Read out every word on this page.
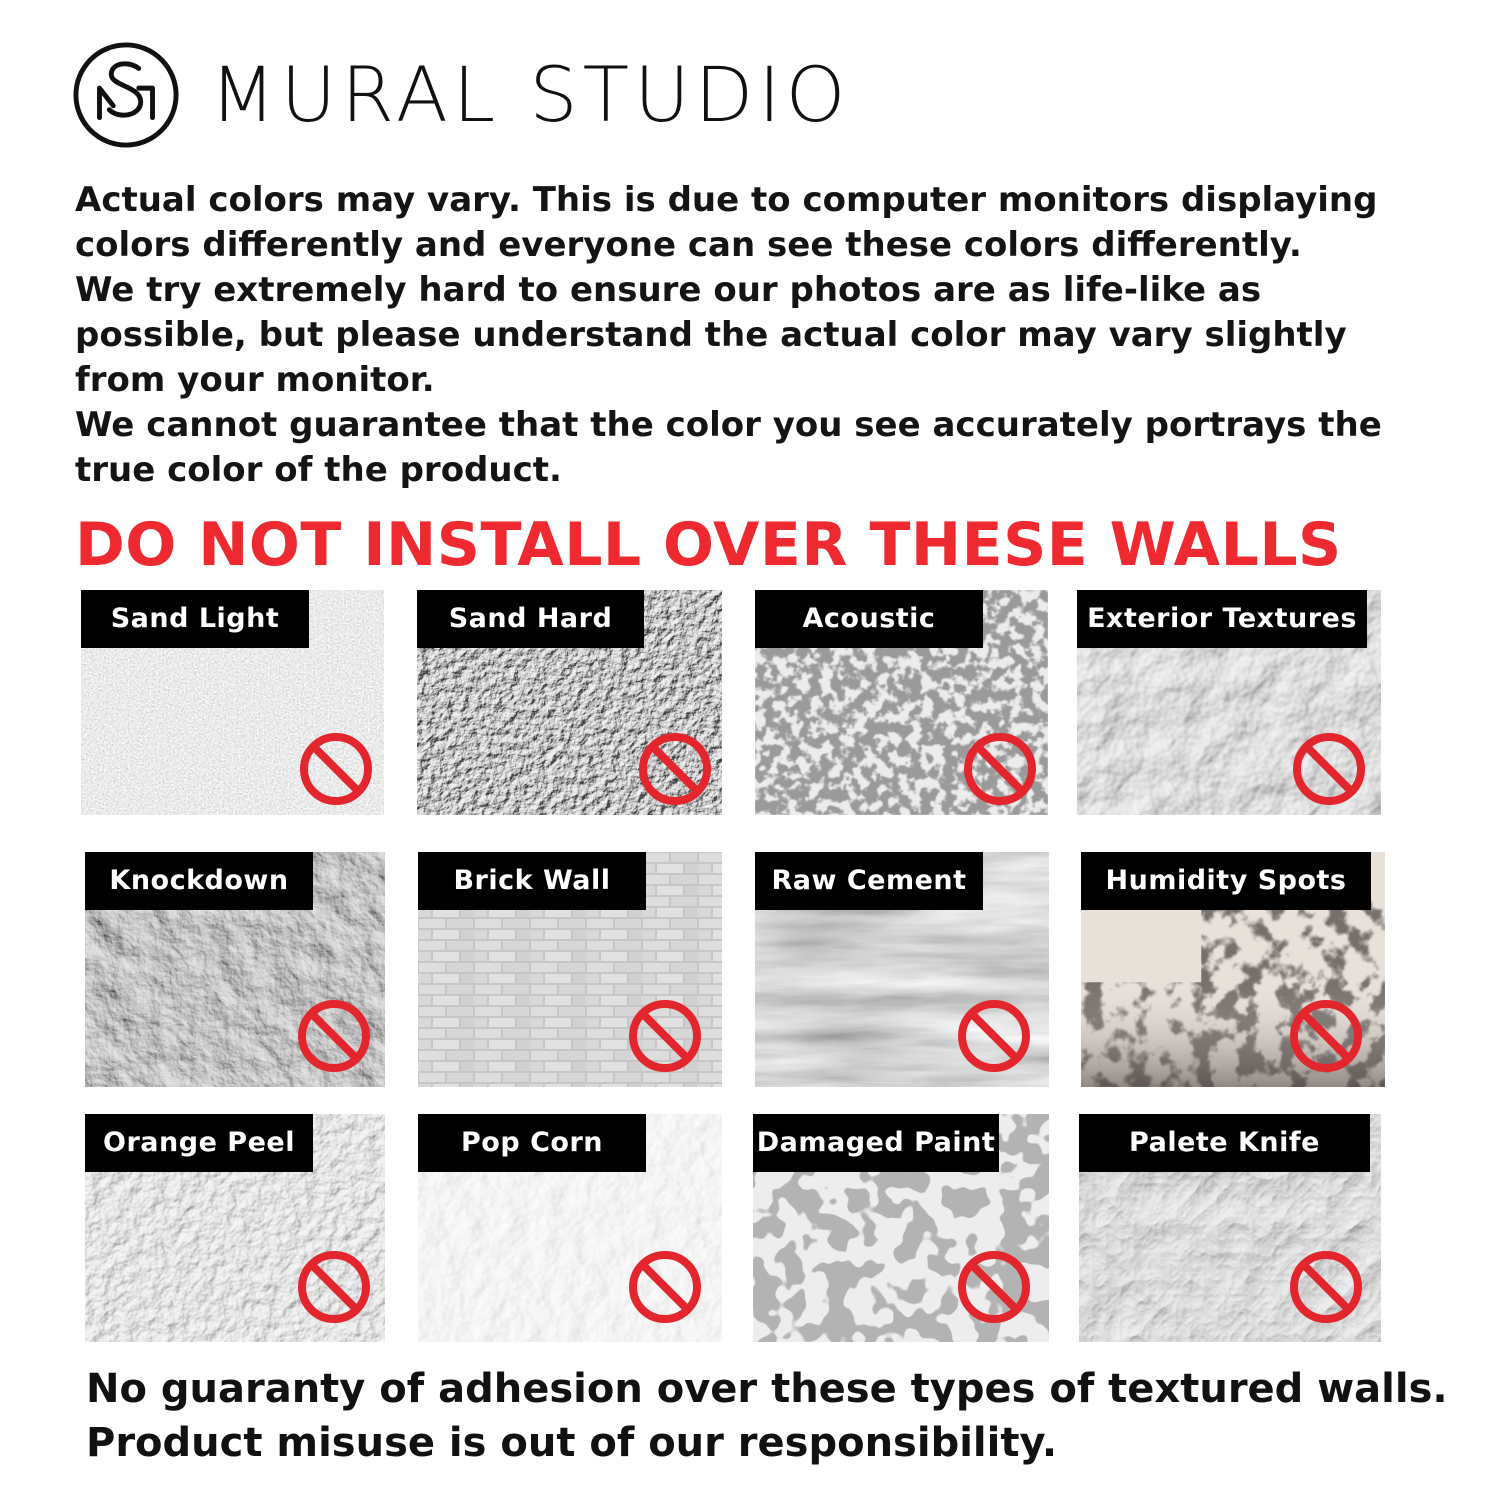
MURAL STUDIO

Actual colors may vary. This is due to computer monitors displaying

colors differently and everyone can see these colors differently.

We try extremely hard to ensure our photos are as life-like as

possible, but please understand the actual color may vary slightly

from your monitor.

We cannot guarantee that the color you see accurately portrays the

true color of the product.

DO NOT INSTALL OVER THESE WALLS
Sand Light	Sand Hard	Acoustic	Exterior Textures
Knockdown	Brick Wall	Raw Cement	Humidity Spots
Orange Peel	Pop Corn	Damaged Paint	Palete Knife

No guaranty of adhesion over these types of textured walls.

Product misuse is out of our responsibility.
